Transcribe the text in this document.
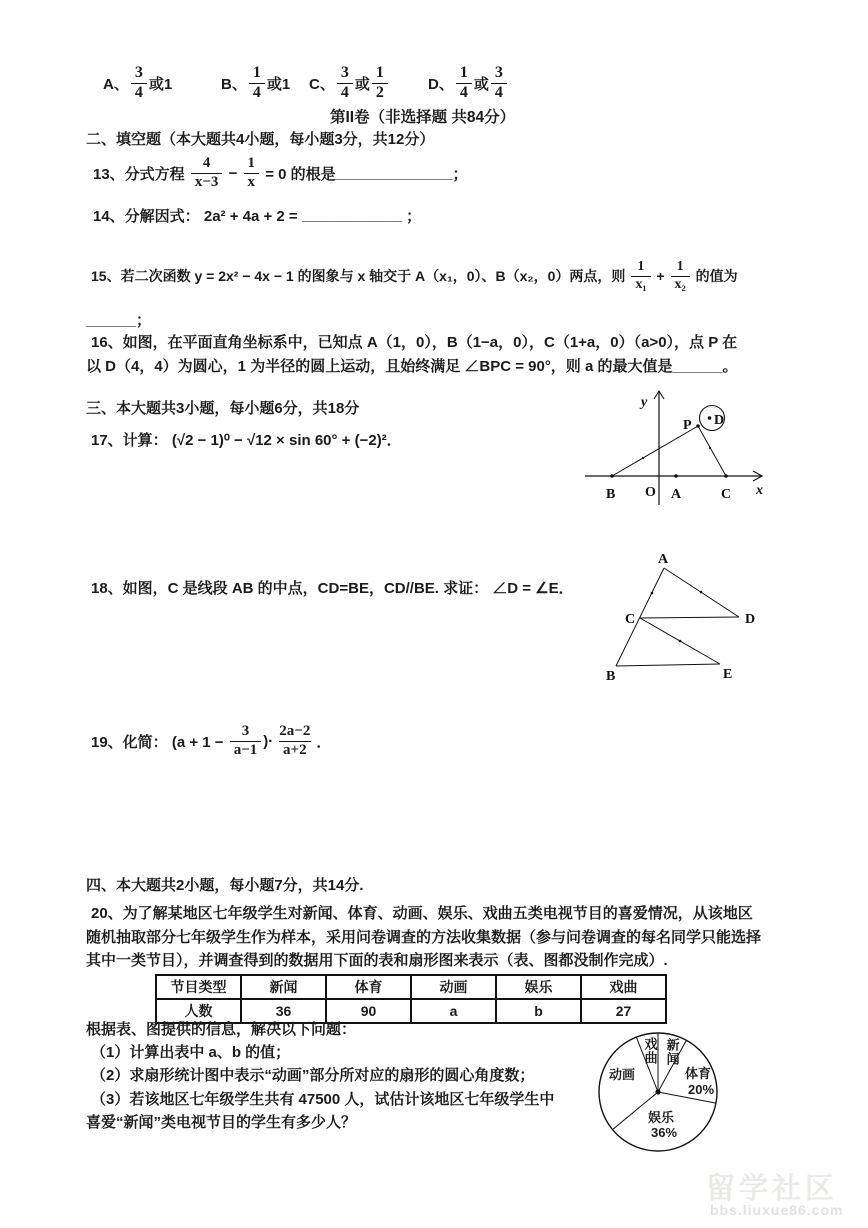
A、 $\frac{3}{4}$ 或1	B、 $\frac{1}{4}$ 或1 C、 $\frac{3}{4}$ 或 $\frac{1}{2}$	D、 $\frac{1}{4}$ 或 $\frac{3}{4}$
第II卷（非选择题 共84分）
二、填空题（本大题共4小题，每小题3分，共12分）
13、分式方程 $\frac{4}{x-3} - \frac{1}{x} = 0$ 的根是 ______________ ；
14、分解因式： 2a² + 4a + 2 = ____________ ；
15、若二次函数 y = 2x² − 4x − 1 的图象与 x 轴交于 A（x₁，0）、B（x₂，0）两点，则 $\frac{1}{\text{x₁}} + \frac{1}{\text{x₂}}$ 的值为
______；
16、如图，在平面直角坐标系中，已知点 A（1，0），B（1−a，0），C（1+a，0）（a>0），点 P 在
以 D（4，4）为圆心，1 为半径的圆上运动，且始终满足 ∠BPC = 90°，则 a 的最大值是______。
三、本大题共3小题，每小题6分，共18分
17、计算： (√2 − 1)⁰ − √12 × sin 60° + (−2)²．
y
x
B O A	C
P D
18、如图，C 是线段 AB 的中点，CD=BE，CD//BE. 求证： ∠D = ∠E．
A
C
B
D
E
19、化简： ($a + 1 - \frac{3}{a-1}$ )· $\frac{2a-2}{a+2}$ ．
四、本大题共2小题，每小题7分，共14分.
20、为了解某地区七年级学生对新闻、体育、动画、娱乐、戏曲五类电视节目的喜爱情况，从该地区
随机抽取部分七年级学生作为样本，采用问卷调查的方法收集数据（参与问卷调查的每名同学只能选择
其中一类节目），并调查得到的数据用下面的表和扇形图来表示（表、图都没制作完成）.
节目类型	新闻	体育	动画	娱乐	戏曲
人数	36	90	a	b	27
根据表、图提供的信息，解决以下问题：
（1）计算出表中 a、b 的值；
（2）求扇形统计图中表示“动画”部分所对应的扇形的圆心角度数；
（3）若该地区七年级学生共有 47500 人，试估计该地区七年级学生中
喜爱“新闻”类电视节目的学生有多少人？
戏曲 新闻
体育
20%
动画
娱乐
36%
留学社区
bbs.liuxue86.com
